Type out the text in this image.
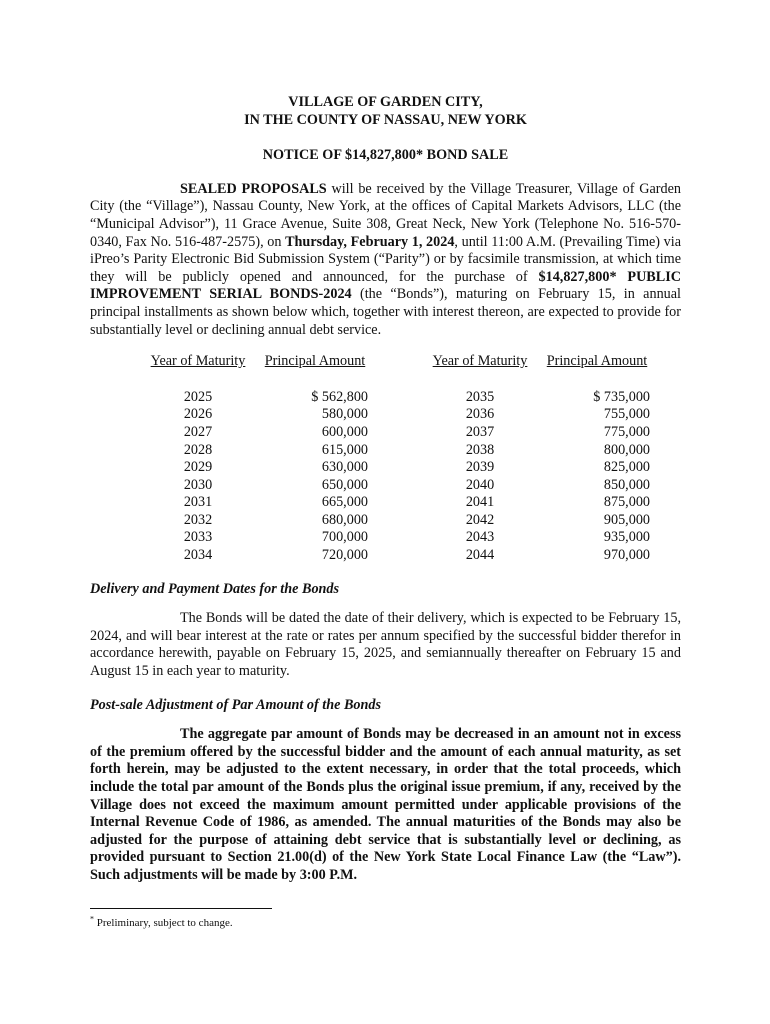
VILLAGE OF GARDEN CITY,

IN THE COUNTY OF NASSAU, NEW YORK

NOTICE OF $14,827,800* BOND SALE

SEALED PROPOSALS will be received by the Village Treasurer, Village of Garden City (the “Village”), Nassau County, New York, at the offices of Capital Markets Advisors, LLC (the “Municipal Advisor”), 11 Grace Avenue, Suite 308, Great Neck, New York (Telephone No. 516-570-0340, Fax No. 516-487-2575), on Thursday, February 1, 2024, until 11:00 A.M. (Prevailing Time) via iPreo’s Parity Electronic Bid Submission System (“Parity”) or by facsimile transmission, at which time they will be publicly opened and announced, for the purchase of $14,827,800* PUBLIC IMPROVEMENT SERIAL BONDS-2024 (the “Bonds”), maturing on February 15, in annual principal installments as shown below which, together with interest thereon, are expected to provide for substantially level or declining annual debt service.

Year of Maturity	Principal Amount		Year of Maturity	Principal Amount
2025	$ 562,800		2035	$ 735,000
2026	580,000		2036	755,000
2027	600,000		2037	775,000
2028	615,000		2038	800,000
2029	630,000		2039	825,000
2030	650,000		2040	850,000
2031	665,000		2041	875,000
2032	680,000		2042	905,000
2033	700,000		2043	935,000
2034	720,000		2044	970,000

Delivery and Payment Dates for the Bonds

The Bonds will be dated the date of their delivery, which is expected to be February 15, 2024, and will bear interest at the rate or rates per annum specified by the successful bidder therefor in accordance herewith, payable on February 15, 2025, and semiannually thereafter on February 15 and August 15 in each year to maturity.

Post-sale Adjustment of Par Amount of the Bonds

The aggregate par amount of Bonds may be decreased in an amount not in excess of the premium offered by the successful bidder and the amount of each annual maturity, as set forth herein, may be adjusted to the extent necessary, in order that the total proceeds, which include the total par amount of the Bonds plus the original issue premium, if any, received by the Village does not exceed the maximum amount permitted under applicable provisions of the Internal Revenue Code of 1986, as amended. The annual maturities of the Bonds may also be adjusted for the purpose of attaining debt service that is substantially level or declining, as provided pursuant to Section 21.00(d) of the New York State Local Finance Law (the “Law”). Such adjustments will be made by 3:00 P.M.

* Preliminary, subject to change.
